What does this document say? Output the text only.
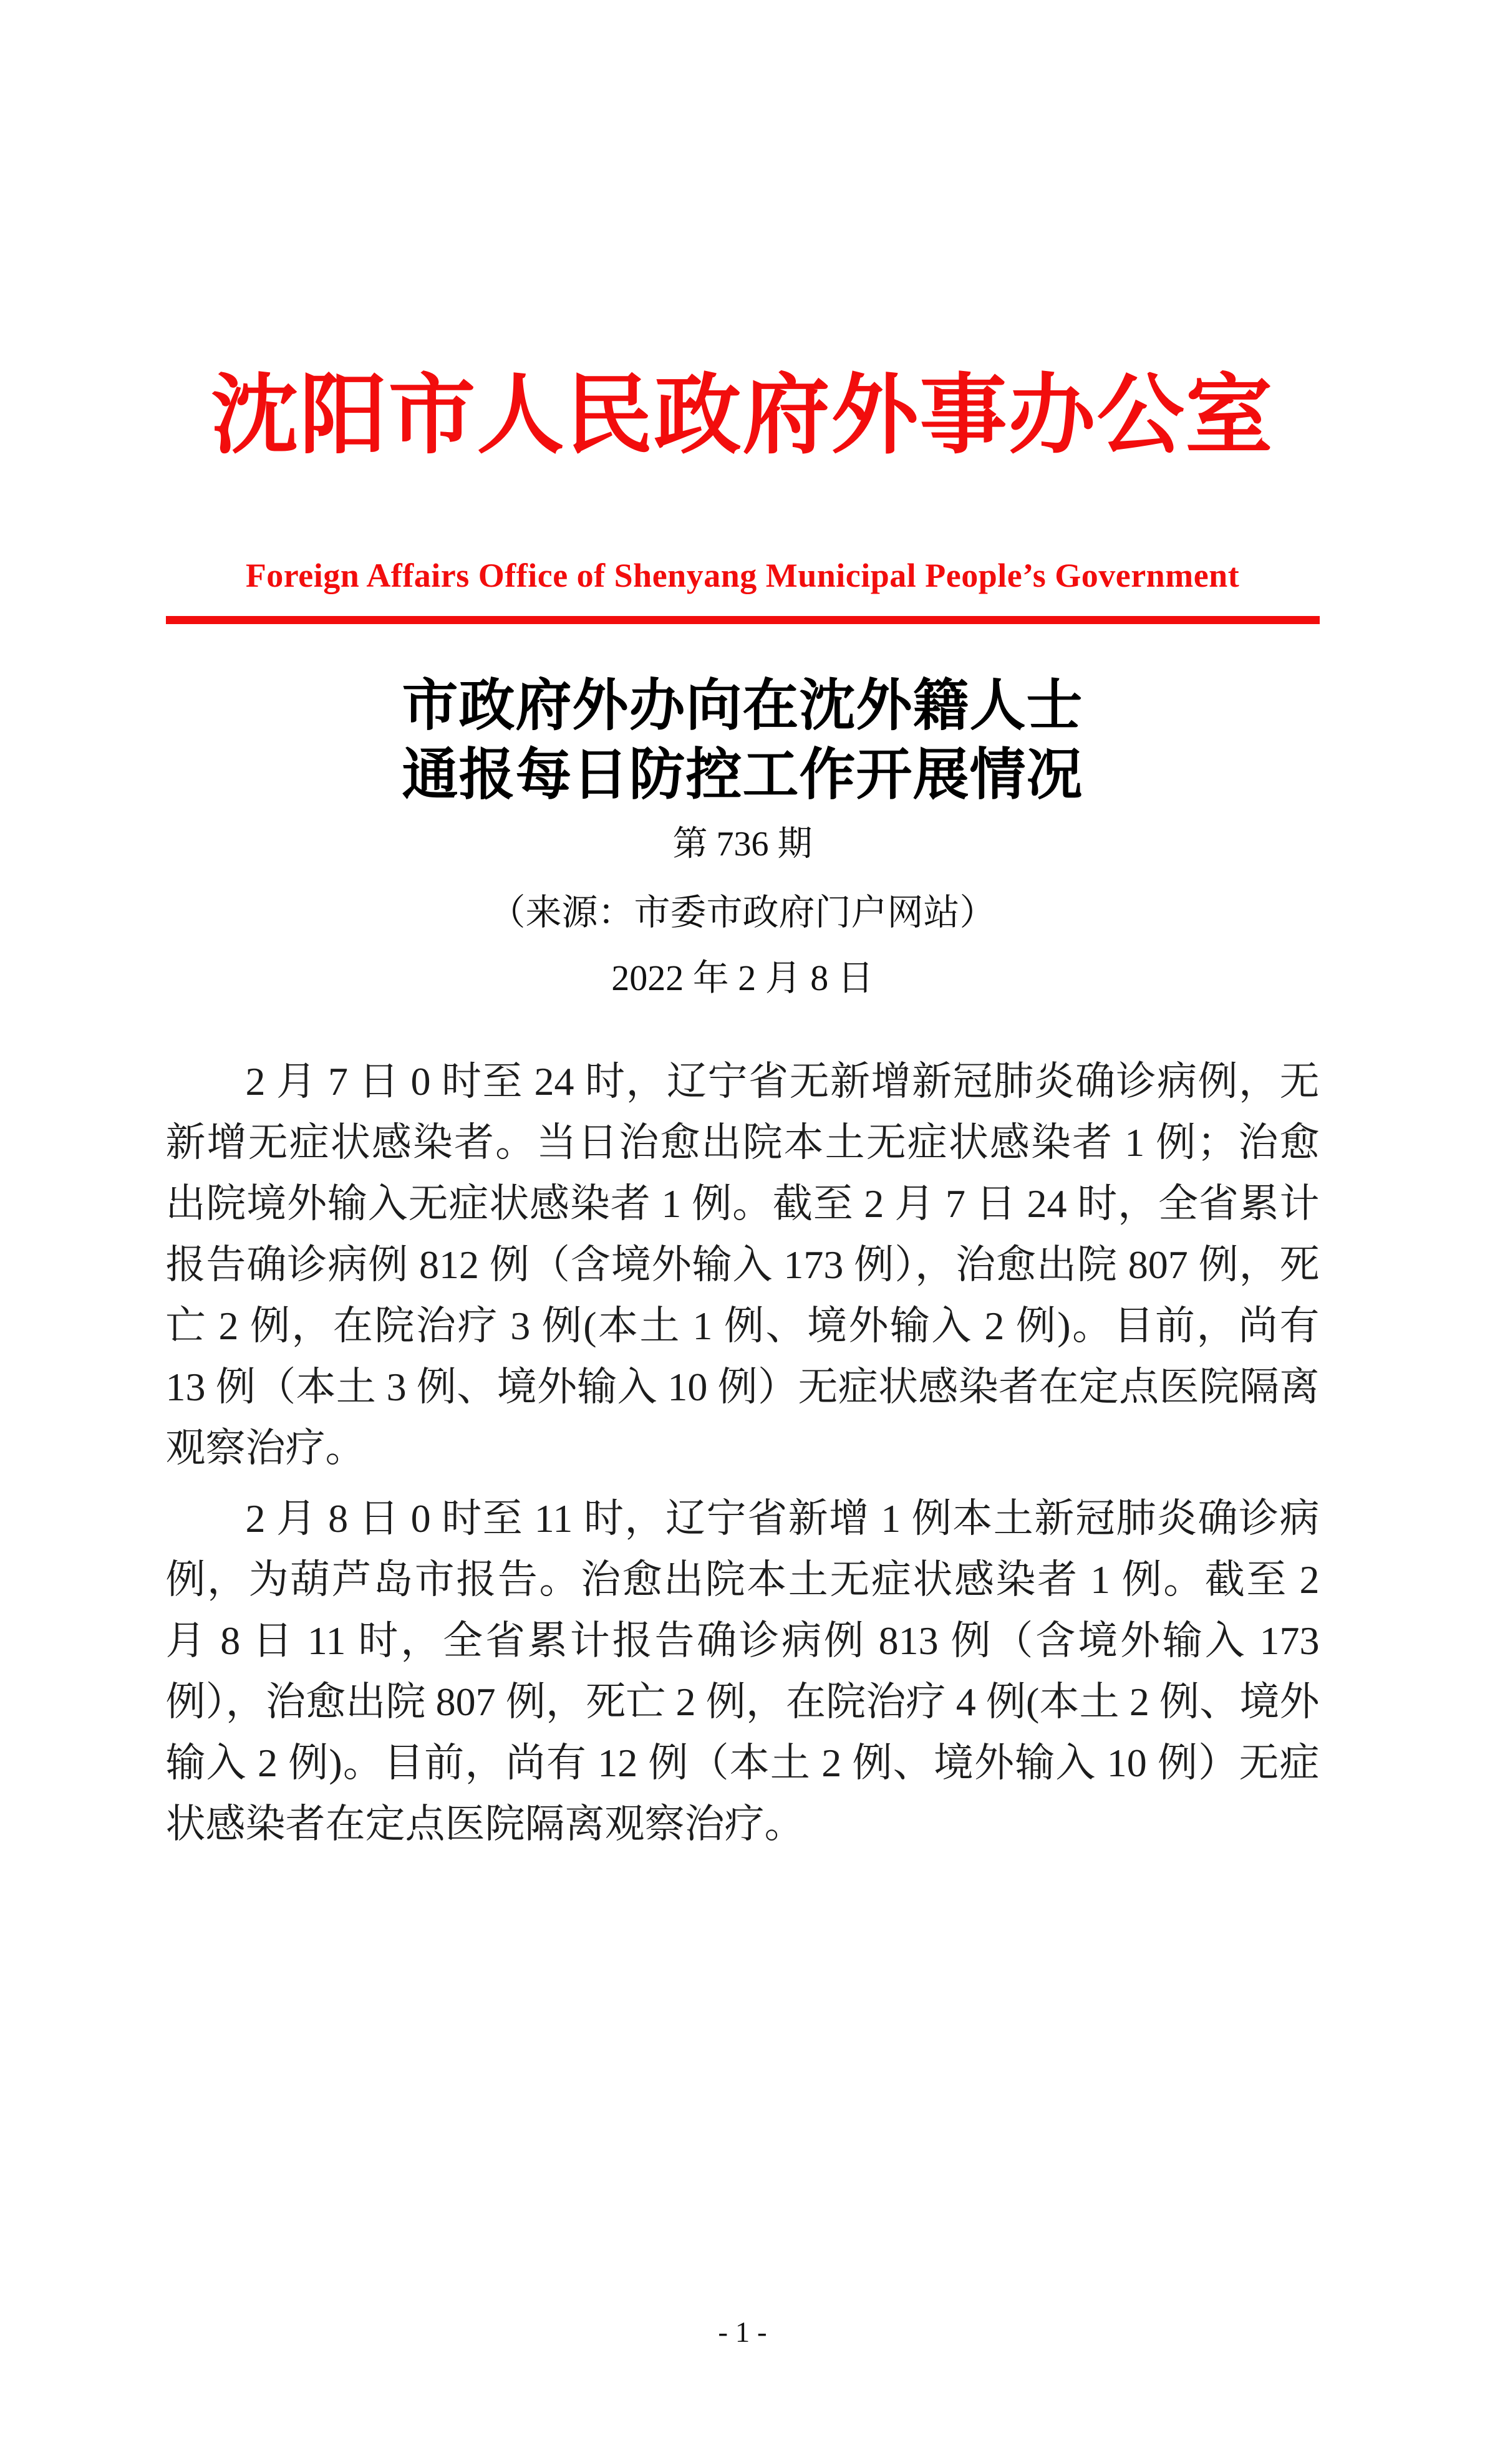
沈阳市人民政府外事办公室
Foreign Affairs Office of Shenyang Municipal People’s Government
市政府外办向在沈外籍人士
通报每日防控工作开展情况
第 736 期
（来源：市委市政府门户网站）
2022 年 2 月 8 日

2 月 7 日 0 时至 24 时，辽宁省无新增新冠肺炎确诊病例，无新增无症状感染者。当日治愈出院本土无症状感染者 1 例；治愈出院境外输入无症状感染者 1 例。截至 2 月 7 日 24 时，全省累计报告确诊病例 812 例（含境外输入 173 例），治愈出院 807 例，死亡 2 例，在院治疗 3 例(本土 1 例、境外输入 2 例)。目前，尚有 13 例（本土 3 例、境外输入 10 例）无症状感染者在定点医院隔离观察治疗。

2 月 8 日 0 时至 11 时，辽宁省新增 1 例本土新冠肺炎确诊病例，为葫芦岛市报告。治愈出院本土无症状感染者 1 例。截至 2 月 8 日 11 时，全省累计报告确诊病例 813 例（含境外输入 173 例），治愈出院 807 例，死亡 2 例，在院治疗 4 例(本土 2 例、境外输入 2 例)。目前，尚有 12 例（本土 2 例、境外输入 10 例）无症状感染者在定点医院隔离观察治疗。

- 1 -
